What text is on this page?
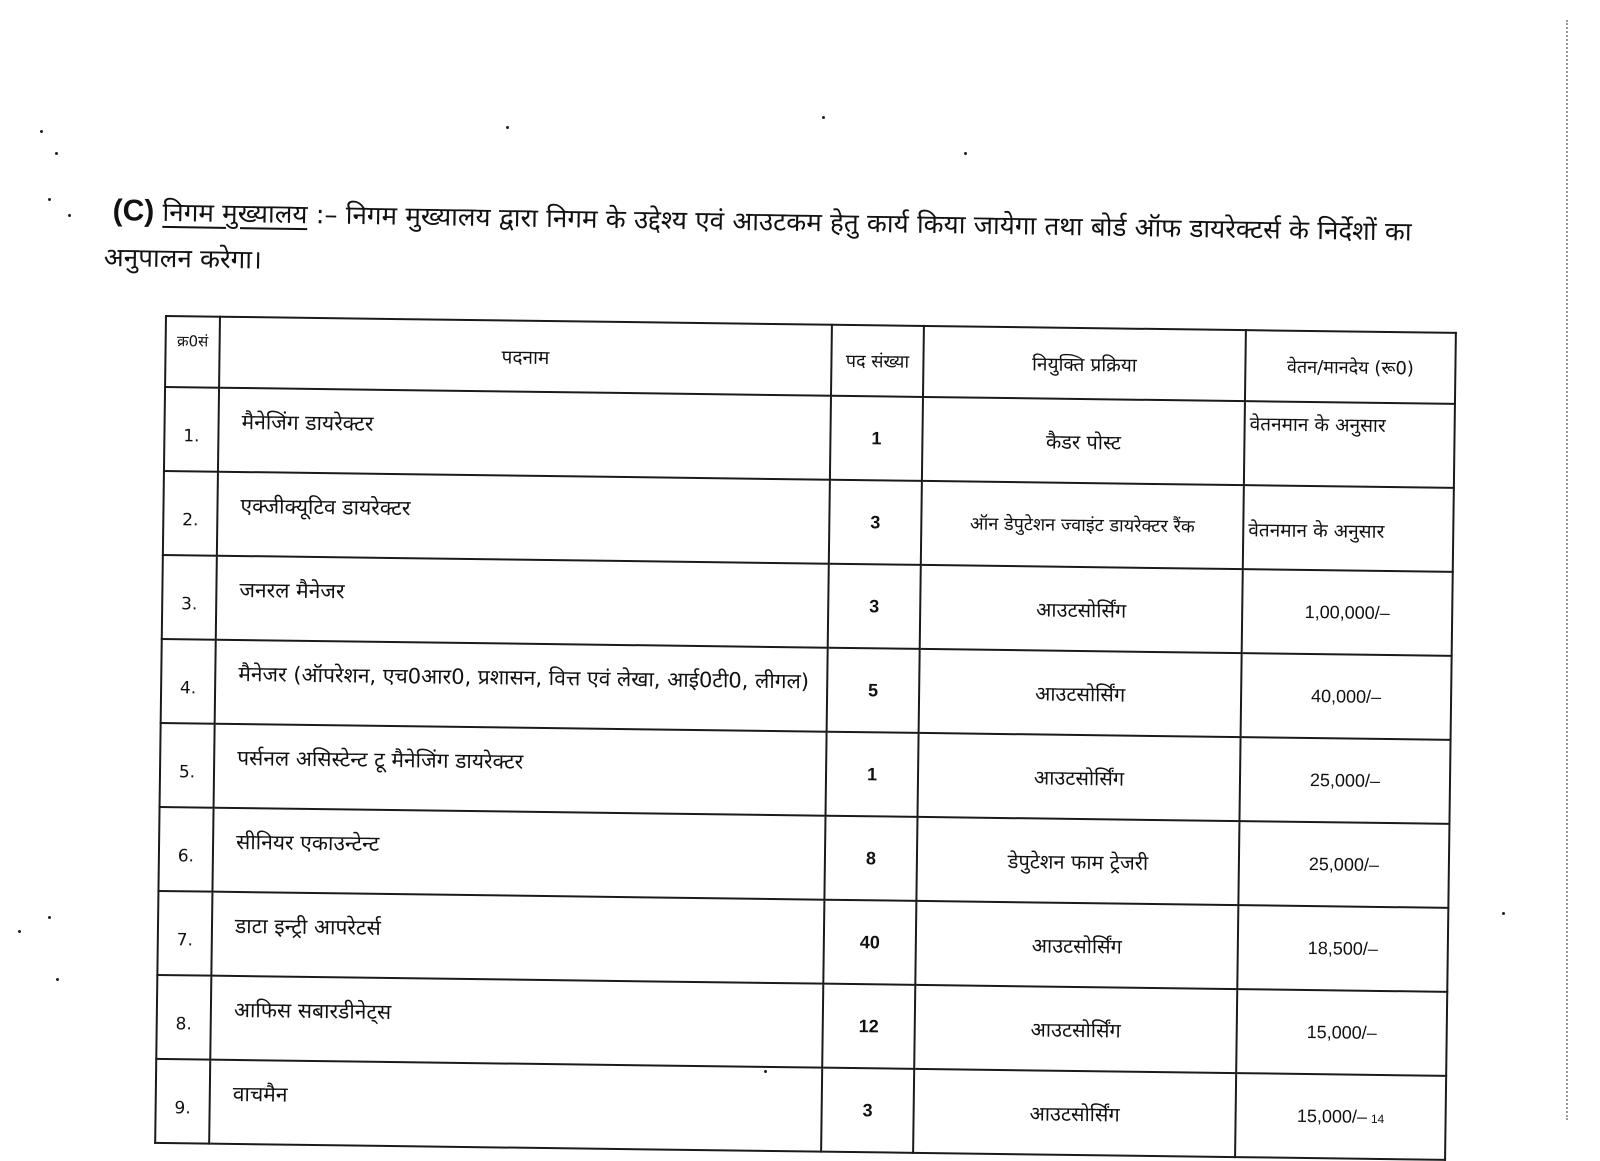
(C) निगम मुख्यालय :– निगम मुख्यालय द्वारा निगम के उद्देश्य एवं आउटकम हेतु कार्य किया जायेगा तथा बोर्ड ऑफ डायरेक्टर्स के निर्देशों का अनुपालन करेगा।
क्र0सं	पदनाम	पद संख्या	नियुक्ति प्रक्रिया	वेतन/मानदेय (रू0)
1.	मैनेजिंग डायरेक्टर	1	कैडर पोस्ट	वेतनमान के अनुसार
2.	एक्जीक्यूटिव डायरेक्टर	3	ऑन डेपुटेशन ज्वाइंट डायरेक्टर रैंक	वेतनमान के अनुसार
3.	जनरल मैनेजर	3	आउटसोर्सिंग	1,00,000/–
4.	मैनेजर (ऑपरेशन, एच0आर0, प्रशासन, वित्त एवं लेखा, आई0टी0, लीगल)	5	आउटसोर्सिंग	40,000/–
5.	पर्सनल असिस्टेन्ट टू मैनेजिंग डायरेक्टर	1	आउटसोर्सिंग	25,000/–
6.	सीनियर एकाउन्टेन्ट	8	डेपुटेशन फाम ट्रेजरी	25,000/–
7.	डाटा इन्ट्री आपरेटर्स	40	आउटसोर्सिंग	18,500/–
8.	आफिस सबारडीनेट्स	12	आउटसोर्सिंग	15,000/–
9.	वाचमैन	3	आउटसोर्सिंग	15,000/– 14
